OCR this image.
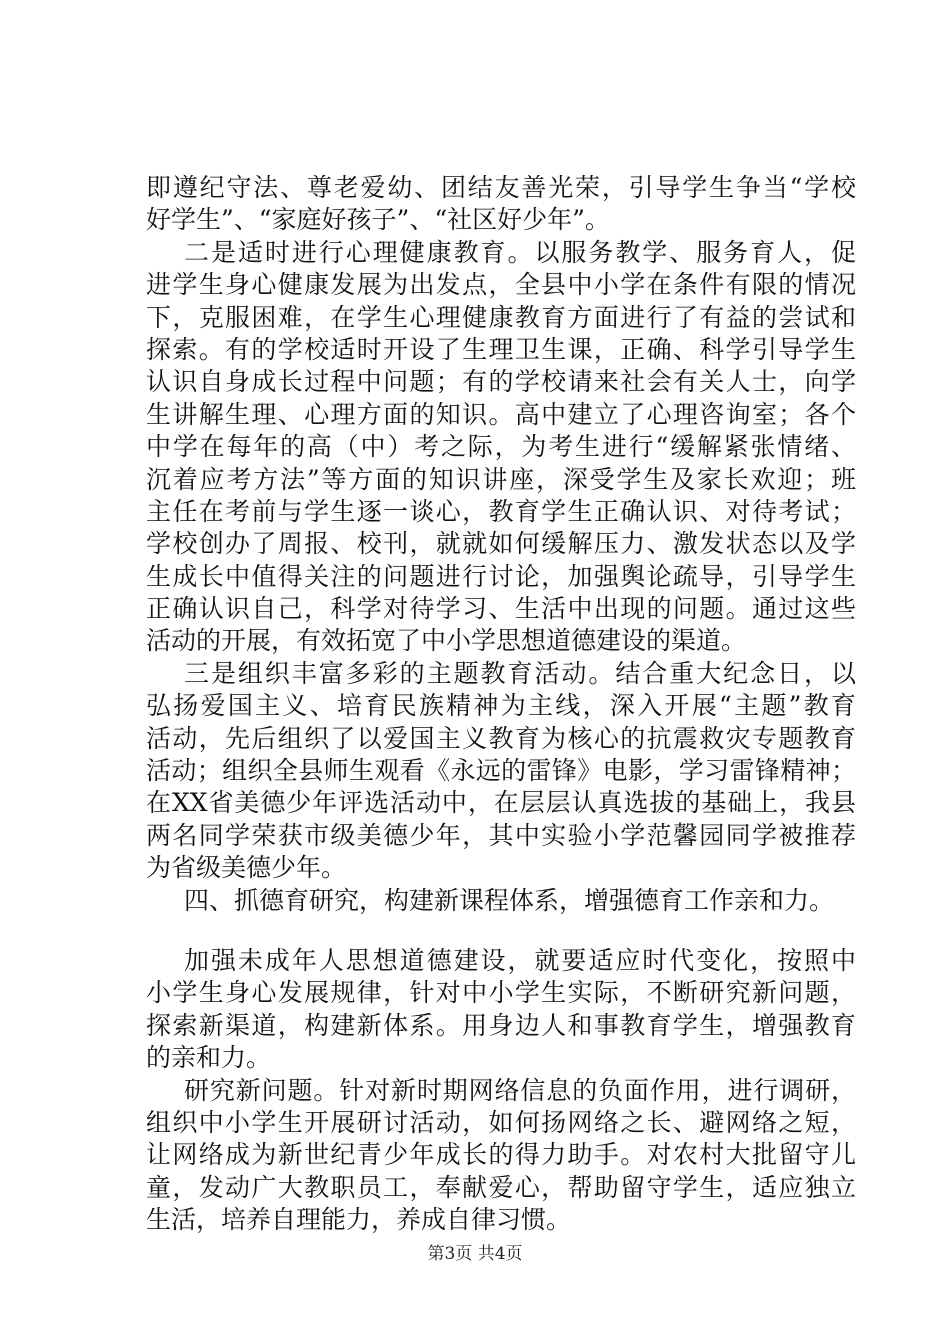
即遵纪守法、尊老爱幼、团结友善光荣，引导学生争当“学校
好学生”、“家庭好孩子”、“社区好少年”。
二是适时进行心理健康教育。以服务教学、服务育人，促
进学生身心健康发展为出发点，全县中小学在条件有限的情况
下，克服困难，在学生心理健康教育方面进行了有益的尝试和
探索。有的学校适时开设了生理卫生课，正确、科学引导学生
认识自身成长过程中问题；有的学校请来社会有关人士，向学
生讲解生理、心理方面的知识。高中建立了心理咨询室；各个
中学在每年的高（中）考之际，为考生进行“缓解紧张情绪、
沉着应考方法”等方面的知识讲座，深受学生及家长欢迎；班
主任在考前与学生逐一谈心，教育学生正确认识、对待考试；
学校创办了周报、校刊，就就如何缓解压力、激发状态以及学
生成长中值得关注的问题进行讨论，加强舆论疏导，引导学生
正确认识自己，科学对待学习、生活中出现的问题。通过这些
活动的开展，有效拓宽了中小学思想道德建设的渠道。
三是组织丰富多彩的主题教育活动。结合重大纪念日，以
弘扬爱国主义、培育民族精神为主线，深入开展“主题”教育
活动，先后组织了以爱国主义教育为核心的抗震救灾专题教育
活动；组织全县师生观看《永远的雷锋》电影，学习雷锋精神；
在XX省美德少年评选活动中，在层层认真选拔的基础上，我县
两名同学荣获市级美德少年，其中实验小学范馨园同学被推荐
为省级美德少年。
四、抓德育研究，构建新课程体系，增强德育工作亲和力。
加强未成年人思想道德建设，就要适应时代变化，按照中
小学生身心发展规律，针对中小学生实际，不断研究新问题，
探索新渠道，构建新体系。用身边人和事教育学生，增强教育
的亲和力。
研究新问题。针对新时期网络信息的负面作用，进行调研，
组织中小学生开展研讨活动，如何扬网络之长、避网络之短，
让网络成为新世纪青少年成长的得力助手。对农村大批留守儿
童，发动广大教职员工，奉献爱心，帮助留守学生，适应独立
生活，培养自理能力，养成自律习惯。
第3页 共4页
